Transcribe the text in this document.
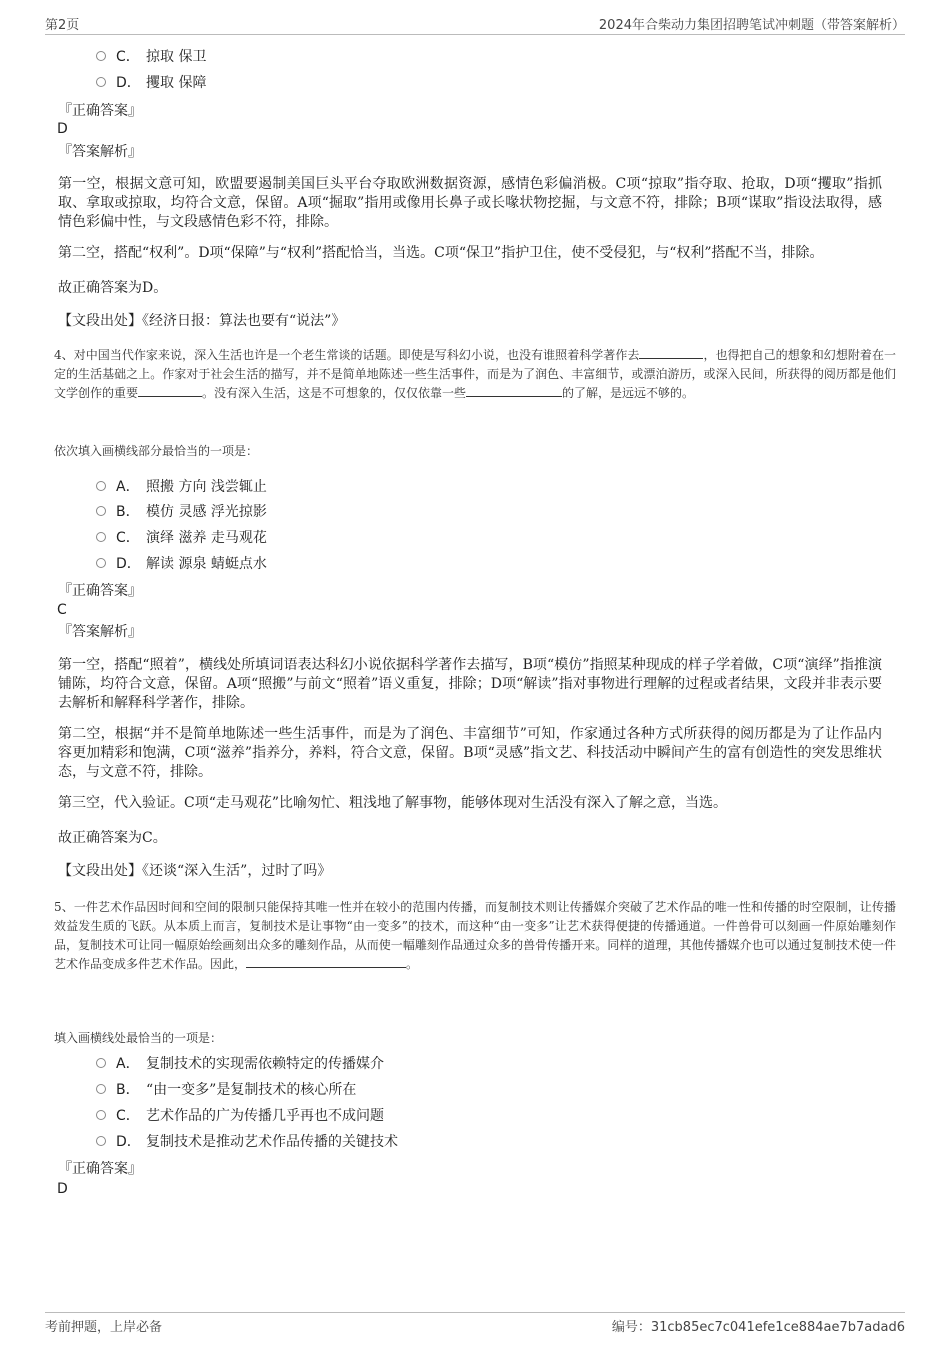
第2页	2024年合柴动力集团招聘笔试冲刺题（带答案解析）
C． 掠取 保卫
D． 攫取 保障
『正确答案』
D
『答案解析』
第一空，根据文意可知，欧盟要遏制美国巨头平台夺取欧洲数据资源，感情色彩偏消极。C项“掠取”指夺取、抢取，D项“攫取”指抓取、拿取或掠取，均符合文意，保留。A项“掘取”指用或像用长鼻子或长喙状物挖掘，与文意不符，排除；B项“谋取”指设法取得，感情色彩偏中性，与文段感情色彩不符，排除。
第二空，搭配“权利”。D项“保障”与“权利”搭配恰当，当选。C项“保卫”指护卫住，使不受侵犯，与“权利”搭配不当，排除。
故正确答案为D。
【文段出处】《经济日报：算法也要有“说法”》
4、对中国当代作家来说，深入生活也许是一个老生常谈的话题。即使是写科幻小说，也没有谁照着科学著作去	，也得把自己的想象和幻想附着在一定的生活基础之上。作家对于社会生活的描写，并不是简单地陈述一些生活事件，而是为了润色、丰富细节，或漂泊游历，或深入民间，所获得的阅历都是他们文学创作的重要	。没有深入生活，这是不可想象的，仅仅依靠一些	的了解，是远远不够的。
依次填入画横线部分最恰当的一项是：
A． 照搬 方向 浅尝辄止
B． 模仿 灵感 浮光掠影
C． 演绎 滋养 走马观花
D． 解读 源泉 蜻蜓点水
『正确答案』
C
『答案解析』
第一空，搭配“照着”，横线处所填词语表达科幻小说依据科学著作去描写，B项“模仿”指照某种现成的样子学着做，C项“演绎”指推演铺陈，均符合文意，保留。A项“照搬”与前文“照着”语义重复，排除；D项“解读”指对事物进行理解的过程或者结果，文段并非表示要去解析和解释科学著作，排除。
第二空，根据“并不是简单地陈述一些生活事件，而是为了润色、丰富细节”可知，作家通过各种方式所获得的阅历都是为了让作品内容更加精彩和饱满，C项“滋养”指养分，养料，符合文意，保留。B项“灵感”指文艺、科技活动中瞬间产生的富有创造性的突发思维状态，与文意不符，排除。
第三空，代入验证。C项“走马观花”比喻匆忙、粗浅地了解事物，能够体现对生活没有深入了解之意，当选。
故正确答案为C。
【文段出处】《还谈“深入生活”，过时了吗》
5、一件艺术作品因时间和空间的限制只能保持其唯一性并在较小的范围内传播，而复制技术则让传播媒介突破了艺术作品的唯一性和传播的时空限制，让传播效益发生质的飞跃。从本质上而言，复制技术是让事物“由一变多”的技术，而这种“由一变多”让艺术获得便捷的传播通道。一件兽骨可以刻画一件原始雕刻作品，复制技术可让同一幅原始绘画刻出众多的雕刻作品，从而使一幅雕刻作品通过众多的兽骨传播开来。同样的道理，其他传播媒介也可以通过复制技术使一件艺术作品变成多件艺术作品。因此，	。
填入画横线处最恰当的一项是：
A． 复制技术的实现需依赖特定的传播媒介
B． “由一变多”是复制技术的核心所在
C． 艺术作品的广为传播几乎再也不成问题
D． 复制技术是推动艺术作品传播的关键技术
『正确答案』
D
考前押题，上岸必备	编号：31cb85ec7c041efe1ce884ae7b7adad6
